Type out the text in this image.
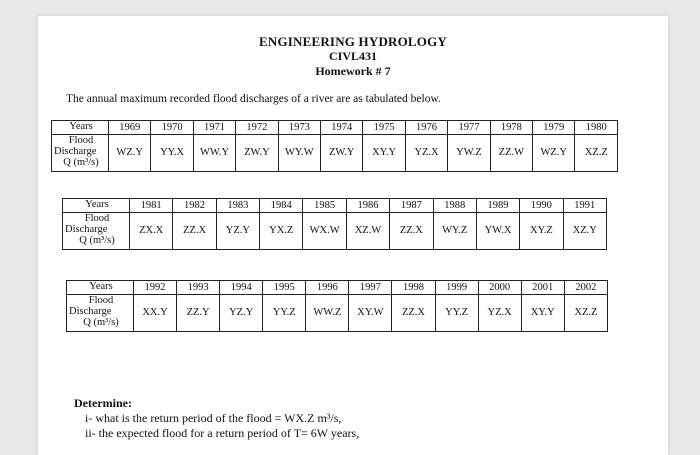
ENGINEERING HYDROLOGY
CIVL431
Homework # 7
The annual maximum recorded flood discharges of a river are as tabulated below.
Determine:
i- what is the return period of the flood = WX.Z m³/s,
ii- the expected flood for a return period of T= 6W years,
Years	1969	1970	1971	1972	1973	1974	1975	1976	1977	1978	1979	1980

Flood
Discharge
Q (m³/s)	WZ.Y	YY.X	WW.Y	ZW.Y	WY.W	ZW.Y	XY.Y	YZ.X	YW.Z	ZZ.W	WZ.Y	XZ.Z
Years	1981	1982	1983	1984	1985	1986	1987	1988	1989	1990	1991

Flood
Discharge
Q (m³/s)	ZX.X	ZZ.X	YZ.Y	YX.Z	WX.W	XZ.W	ZZ.X	WY.Z	YW.X	XY.Z	XZ.Y
Years	1992	1993	1994	1995	1996	1997	1998	1999	2000	2001	2002

Flood
Discharge
Q (m³/s)	XX.Y	ZZ.Y	YZ.Y	YY.Z	WW.Z	XY.W	ZZ.X	YY.Z	YZ.X	XY.Y	XZ.Z
